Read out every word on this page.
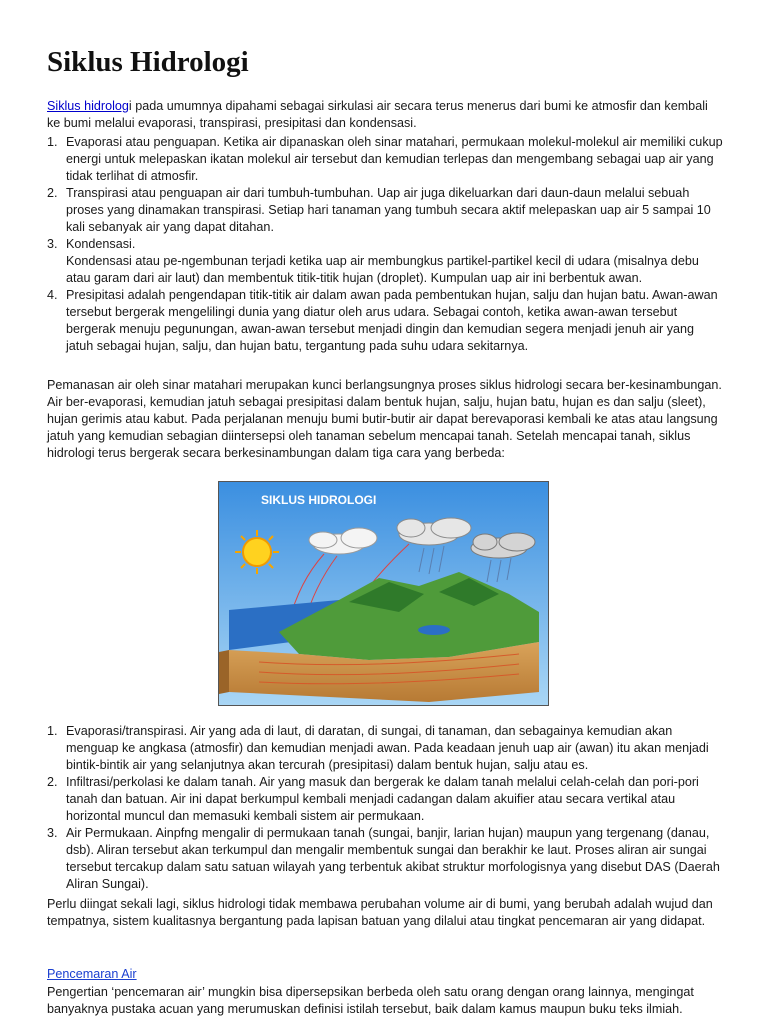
Siklus Hidrologi
Siklus hidrologi pada umumnya dipahami sebagai sirkulasi air secara terus menerus dari bumi ke atmosfir dan kembali ke bumi melalui evaporasi, transpirasi, presipitasi dan kondensasi.
1. Evaporasi atau penguapan. Ketika air dipanaskan oleh sinar matahari, permukaan molekul-molekul air memiliki cukup energi untuk melepaskan ikatan molekul air tersebut dan kemudian terlepas dan mengembang sebagai uap air yang tidak terlihat di atmosfir.
2. Transpirasi atau penguapan air dari tumbuh-tumbuhan. Uap air juga dikeluarkan dari daun-daun melalui sebuah proses yang dinamakan transpirasi. Setiap hari tanaman yang tumbuh secara aktif melepaskan uap air 5 sampai 10 kali sebanyak air yang dapat ditahan.
3. Kondensasi.
Kondensasi atau pe-ngembunan terjadi ketika uap air membungkus partikel-partikel kecil di udara (misalnya debu atau garam dari air laut) dan membentuk titik-titik hujan (droplet). Kumpulan uap air ini berbentuk awan.
4. Presipitasi adalah pengendapan titik-titik air dalam awan pada pembentukan hujan, salju dan hujan batu. Awan-awan tersebut bergerak mengelilingi dunia yang diatur oleh arus udara. Sebagai contoh, ketika awan-awan tersebut bergerak menuju pegunungan, awan-awan tersebut menjadi dingin dan kemudian segera menjadi jenuh air yang jatuh sebagai hujan, salju, dan hujan batu, tergantung pada suhu udara sekitarnya.
Pemanasan air oleh sinar matahari merupakan kunci berlangsungnya proses siklus hidrologi secara ber-kesinambungan. Air ber-evaporasi, kemudian jatuh sebagai presipitasi dalam bentuk hujan, salju, hujan batu, hujan es dan salju (sleet), hujan gerimis atau kabut. Pada perjalanan menuju bumi butir-butir air dapat berevaporasi kembali ke atas atau langsung jatuh yang kemudian sebagian diintersepsi oleh tanaman sebelum mencapai tanah. Setelah mencapai tanah, siklus hidrologi terus bergerak secara berkesinambungan dalam tiga cara yang berbeda:
SIKLUS HIDROLOGI
1. Evaporasi/transpirasi. Air yang ada di laut, di daratan, di sungai, di tanaman, dan sebagainya kemudian akan menguap ke angkasa (atmosfir) dan kemudian menjadi awan. Pada keadaan jenuh uap air (awan) itu akan menjadi bintik-bintik air yang selanjutnya akan tercurah (presipitasi) dalam bentuk hujan, salju atau es.
2. Infiltrasi/perkolasi ke dalam tanah. Air yang masuk dan bergerak ke dalam tanah melalui celah-celah dan pori-pori tanah dan batuan. Air ini dapat berkumpul kembali menjadi cadangan dalam akuifier atau secara vertikal atau horizontal muncul dan memasuki kembali sistem air permukaan.
3. Air Permukaan. Ainpfng mengalir di permukaan tanah (sungai, banjir, larian hujan) maupun yang tergenang (danau, dsb). Aliran tersebut akan terkumpul dan mengalir membentuk sungai dan berakhir ke laut. Proses aliran air sungai tersebut tercakup dalam satu satuan wilayah yang terbentuk akibat struktur morfologisnya yang disebut DAS (Daerah Aliran Sungai).
Perlu diingat sekali lagi, siklus hidrologi tidak membawa perubahan volume air di bumi, yang berubah adalah wujud dan tempatnya, sistem kualitasnya bergantung pada lapisan batuan yang dilalui atau tingkat pencemaran air yang didapat.
Pencemaran Air
Pengertian ‘pencemaran air’ mungkin bisa dipersepsikan berbeda oleh satu orang dengan orang lainnya, mengingat banyaknya pustaka acuan yang merumuskan definisi istilah tersebut, baik dalam kamus maupun buku teks ilmiah.
